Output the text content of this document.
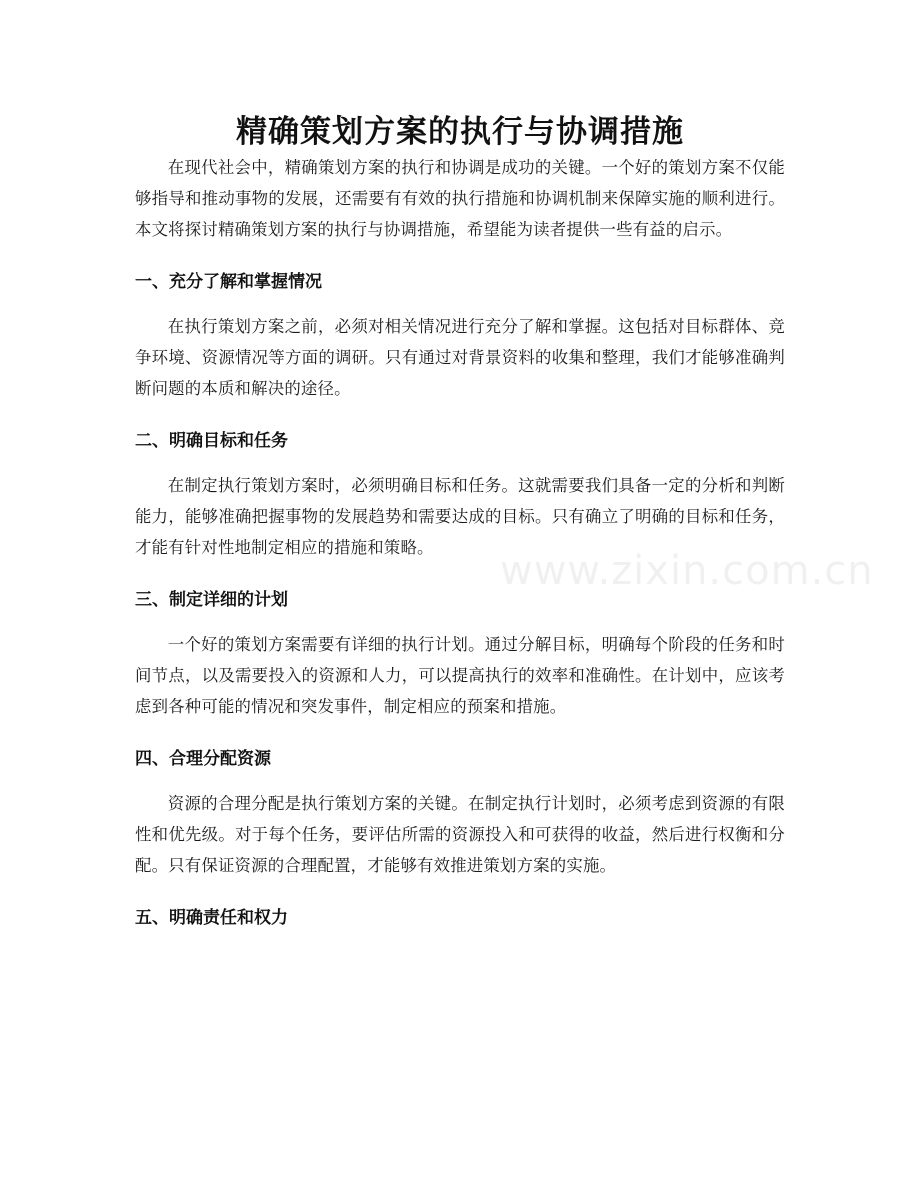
精确策划方案的执行与协调措施

在现代社会中，精确策划方案的执行和协调是成功的关键。一个好的策划方案不仅能够指导和推动事物的发展，还需要有有效的执行措施和协调机制来保障实施的顺利进行。本文将探讨精确策划方案的执行与协调措施，希望能为读者提供一些有益的启示。

一、充分了解和掌握情况

在执行策划方案之前，必须对相关情况进行充分了解和掌握。这包括对目标群体、竞争环境、资源情况等方面的调研。只有通过对背景资料的收集和整理，我们才能够准确判断问题的本质和解决的途径。

二、明确目标和任务

在制定执行策划方案时，必须明确目标和任务。这就需要我们具备一定的分析和判断能力，能够准确把握事物的发展趋势和需要达成的目标。只有确立了明确的目标和任务，才能有针对性地制定相应的措施和策略。

三、制定详细的计划

一个好的策划方案需要有详细的执行计划。通过分解目标，明确每个阶段的任务和时间节点，以及需要投入的资源和人力，可以提高执行的效率和准确性。在计划中，应该考虑到各种可能的情况和突发事件，制定相应的预案和措施。

四、合理分配资源

资源的合理分配是执行策划方案的关键。在制定执行计划时，必须考虑到资源的有限性和优先级。对于每个任务，要评估所需的资源投入和可获得的收益，然后进行权衡和分配。只有保证资源的合理配置，才能够有效推进策划方案的实施。

五、明确责任和权力
www.zixin.com.cn
